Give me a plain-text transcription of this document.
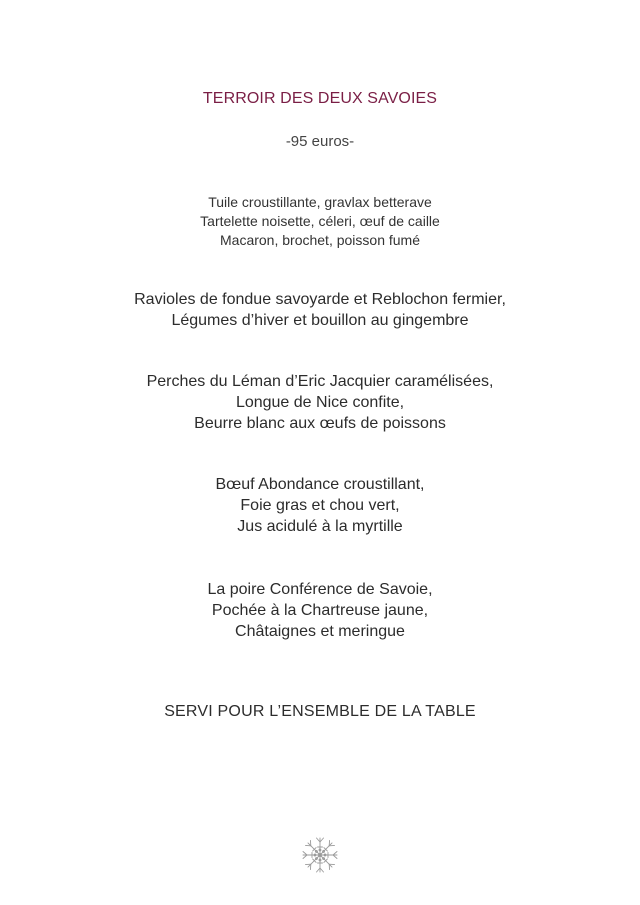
TERROIR DES DEUX SAVOIES
-95 euros-
Tuile croustillante, gravlax betterave
Tartelette noisette, céleri, œuf de caille
Macaron, brochet, poisson fumé
Ravioles de fondue savoyarde et Reblochon fermier,
Légumes d’hiver et bouillon au gingembre
Perches du Léman d’Eric Jacquier caramélisées,
Longue de Nice confite,
Beurre blanc aux œufs de poissons
Bœuf Abondance croustillant,
Foie gras et chou vert,
Jus acidulé à la myrtille
La poire Conférence de Savoie,
Pochée à la Chartreuse jaune,
Châtaignes et meringue
SERVI POUR L’ENSEMBLE DE LA TABLE
